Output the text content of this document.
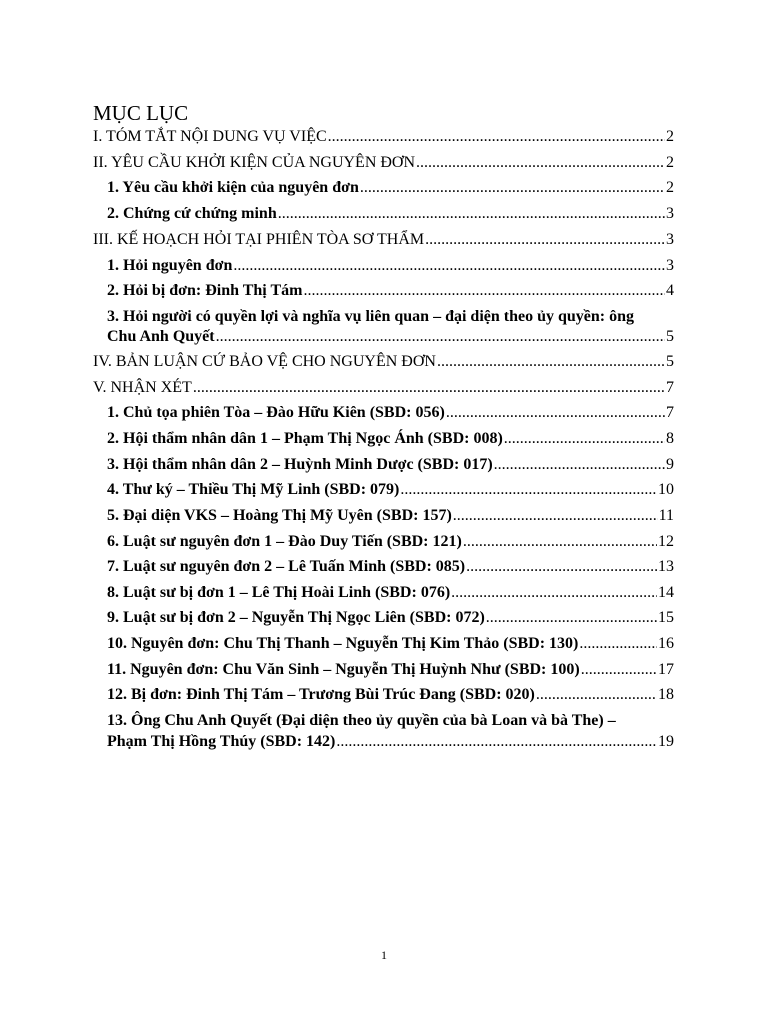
MỤC LỤC
I. TÓM TẮT NỘI DUNG VỤ VIỆC .....	2
II. YÊU CẦU KHỞI KIỆN CỦA NGUYÊN ĐƠN .....	2
1. Yêu cầu khởi kiện của nguyên đơn .....	2
2. Chứng cứ chứng minh .....	3
III. KẾ HOẠCH HỎI TẠI PHIÊN TÒA SƠ THẨM .....	3
1. Hỏi nguyên đơn .....	3
2. Hỏi bị đơn: Đinh Thị Tám .....	4
3. Hỏi người có quyền lợi và nghĩa vụ liên quan – đại diện theo ủy quyền: ông
Chu Anh Quyết .....	5
IV. BẢN LUẬN CỨ BẢO VỆ CHO NGUYÊN ĐƠN .....	5
V. NHẬN XÉT .....	7
1. Chủ tọa phiên Tòa – Đào Hữu Kiên (SBD: 056) .....	7
2. Hội thẩm nhân dân 1 – Phạm Thị Ngọc Ánh (SBD: 008) .....	8
3. Hội thẩm nhân dân 2 – Huỳnh Minh Dược (SBD: 017) .....	9
4. Thư ký – Thiều Thị Mỹ Linh (SBD: 079) .....	10
5. Đại diện VKS – Hoàng Thị Mỹ Uyên (SBD: 157) .....	11
6. Luật sư nguyên đơn 1 – Đào Duy Tiến (SBD: 121) .....	12
7. Luật sư nguyên đơn 2 – Lê Tuấn Minh (SBD: 085) .....	13
8. Luật sư bị đơn 1 – Lê Thị Hoài Linh (SBD: 076) .....	14
9. Luật sư bị đơn 2 – Nguyễn Thị Ngọc Liên (SBD: 072) .....	15
10. Nguyên đơn: Chu Thị Thanh – Nguyễn Thị Kim Thảo (SBD: 130) .....	16
11. Nguyên đơn: Chu Văn Sinh – Nguyễn Thị Huỳnh Như (SBD: 100) .....	17
12. Bị đơn: Đinh Thị Tám – Trương Bùi Trúc Đang (SBD: 020) .....	18
13. Ông Chu Anh Quyết (Đại diện theo ủy quyền của bà Loan và bà The) –
Phạm Thị Hồng Thúy (SBD: 142) .....	19
1
